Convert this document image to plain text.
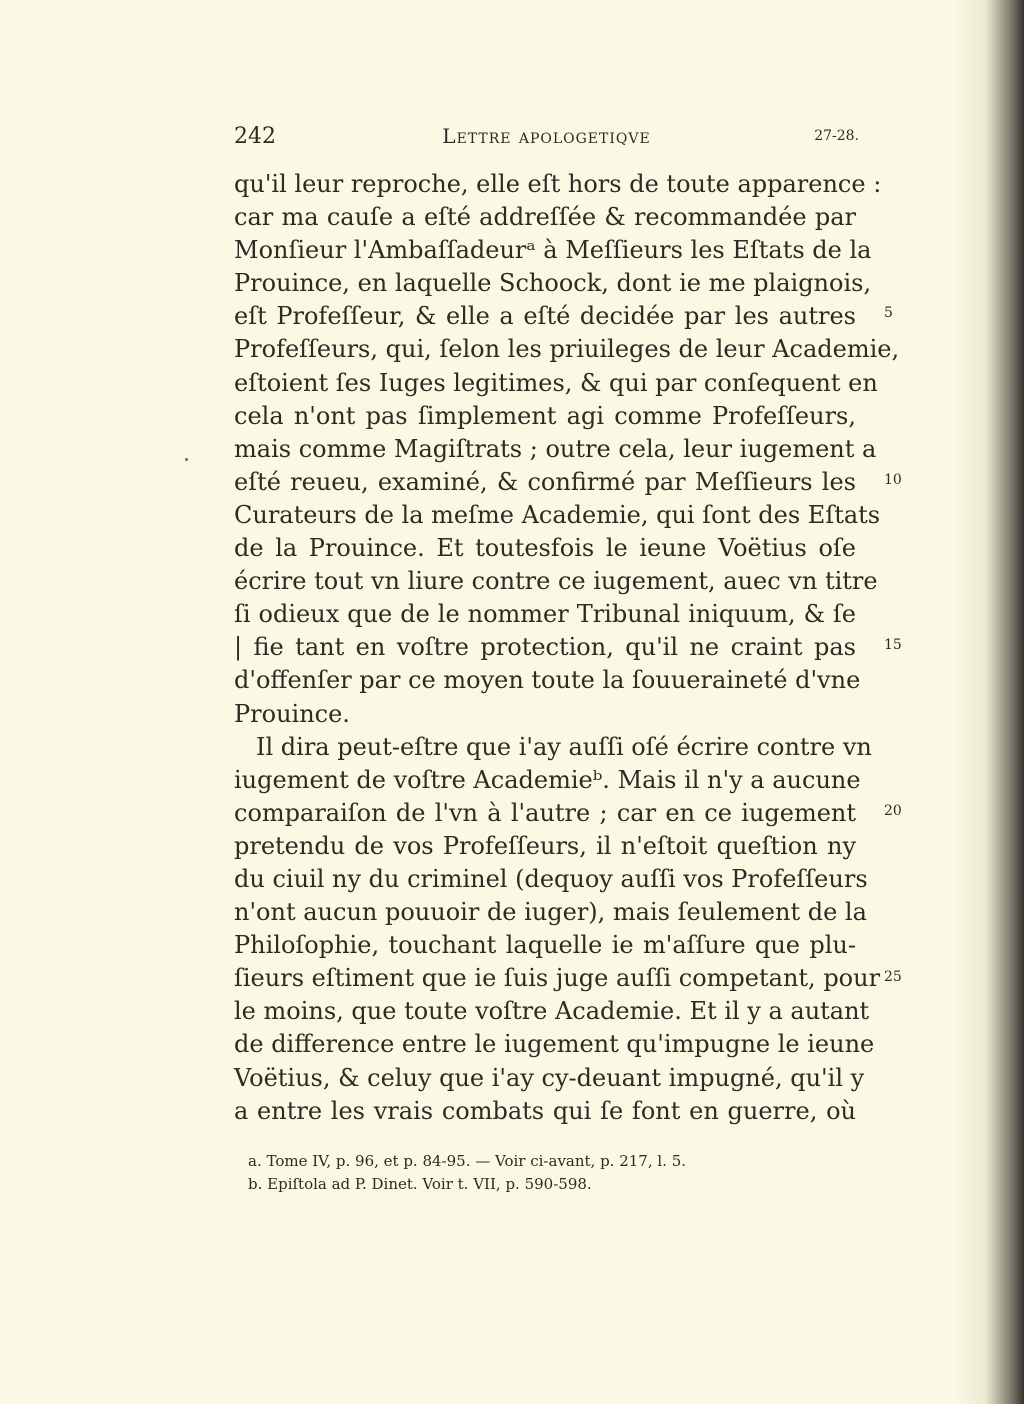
242	Lettre apologetiqve	27-28.
qu'il leur reproche, elle eſt hors de toute apparence :
car ma cauſe a eſté addreſſée & recommandée par
Monſieur l'Ambaſſadeurᵃ à Meſſieurs les Eſtats de la
Prouince, en laquelle Schoock, dont ie me plaignois,
eſt Profeſſeur, & elle a eſté decidée par les autres
Profeſſeurs, qui, ſelon les priuileges de leur Academie,
eſtoient ſes Iuges legitimes, & qui par conſequent en
cela n'ont pas ſimplement agi comme Profeſſeurs,
mais comme Magiſtrats ; outre cela, leur iugement a
eſté reueu, examiné, & confirmé par Meſſieurs les
Curateurs de la meſme Academie, qui ſont des Eſtats
de la Prouince. Et toutesfois le ieune Voëtius oſe
écrire tout vn liure contre ce iugement, auec vn titre
ſi odieux que de le nommer Tribunal iniquum, & ſe
| fie tant en voſtre protection, qu'il ne craint pas
d'offenſer par ce moyen toute la ſouueraineté d'vne
Prouince.
Il dira peut-eſtre que i'ay auſſi oſé écrire contre vn
iugement de voſtre Academieᵇ. Mais il n'y a aucune
comparaiſon de l'vn à l'autre ; car en ce iugement
pretendu de vos Profeſſeurs, il n'eſtoit queſtion ny
du ciuil ny du criminel (dequoy auſſi vos Profeſſeurs
n'ont aucun pouuoir de iuger), mais ſeulement de la
Philoſophie, touchant laquelle ie m'aſſure que plu-
ſieurs eſtiment que ie ſuis juge auſſi competant, pour
le moins, que toute voſtre Academie. Et il y a autant
de difference entre le iugement qu'impugne le ieune
Voëtius, & celuy que i'ay cy-deuant impugné, qu'il y
a entre les vrais combats qui ſe font en guerre, où
5
10
15
20
25
a. Tome IV, p. 96, et p. 84-95. — Voir ci-avant, p. 217, l. 5.
b. Epiſtola ad P. Dinet. Voir t. VII, p. 590-598.
